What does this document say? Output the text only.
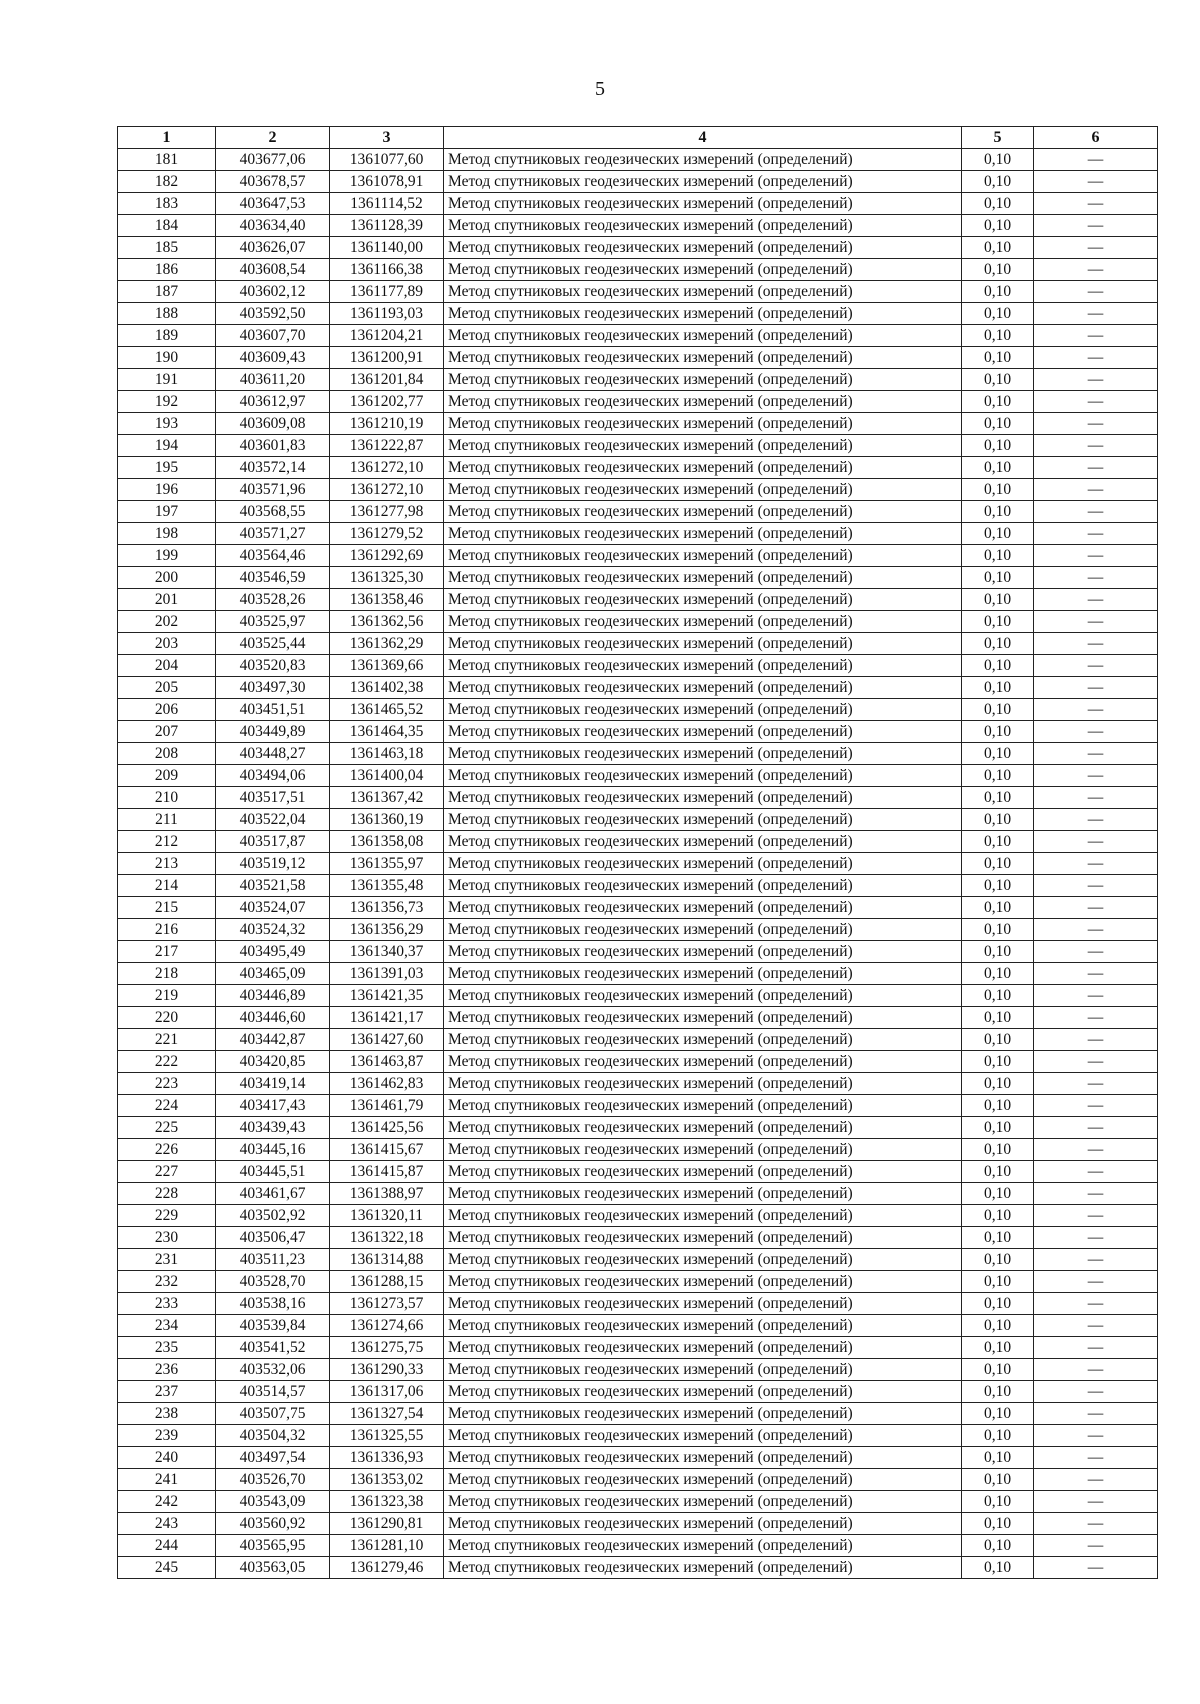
5
1	2	3	4	5	6
181	403677,06	1361077,60	Метод спутниковых геодезических измерений (определений)	0,10	—
182	403678,57	1361078,91	Метод спутниковых геодезических измерений (определений)	0,10	—
183	403647,53	1361114,52	Метод спутниковых геодезических измерений (определений)	0,10	—
184	403634,40	1361128,39	Метод спутниковых геодезических измерений (определений)	0,10	—
185	403626,07	1361140,00	Метод спутниковых геодезических измерений (определений)	0,10	—
186	403608,54	1361166,38	Метод спутниковых геодезических измерений (определений)	0,10	—
187	403602,12	1361177,89	Метод спутниковых геодезических измерений (определений)	0,10	—
188	403592,50	1361193,03	Метод спутниковых геодезических измерений (определений)	0,10	—
189	403607,70	1361204,21	Метод спутниковых геодезических измерений (определений)	0,10	—
190	403609,43	1361200,91	Метод спутниковых геодезических измерений (определений)	0,10	—
191	403611,20	1361201,84	Метод спутниковых геодезических измерений (определений)	0,10	—
192	403612,97	1361202,77	Метод спутниковых геодезических измерений (определений)	0,10	—
193	403609,08	1361210,19	Метод спутниковых геодезических измерений (определений)	0,10	—
194	403601,83	1361222,87	Метод спутниковых геодезических измерений (определений)	0,10	—
195	403572,14	1361272,10	Метод спутниковых геодезических измерений (определений)	0,10	—
196	403571,96	1361272,10	Метод спутниковых геодезических измерений (определений)	0,10	—
197	403568,55	1361277,98	Метод спутниковых геодезических измерений (определений)	0,10	—
198	403571,27	1361279,52	Метод спутниковых геодезических измерений (определений)	0,10	—
199	403564,46	1361292,69	Метод спутниковых геодезических измерений (определений)	0,10	—
200	403546,59	1361325,30	Метод спутниковых геодезических измерений (определений)	0,10	—
201	403528,26	1361358,46	Метод спутниковых геодезических измерений (определений)	0,10	—
202	403525,97	1361362,56	Метод спутниковых геодезических измерений (определений)	0,10	—
203	403525,44	1361362,29	Метод спутниковых геодезических измерений (определений)	0,10	—
204	403520,83	1361369,66	Метод спутниковых геодезических измерений (определений)	0,10	—
205	403497,30	1361402,38	Метод спутниковых геодезических измерений (определений)	0,10	—
206	403451,51	1361465,52	Метод спутниковых геодезических измерений (определений)	0,10	—
207	403449,89	1361464,35	Метод спутниковых геодезических измерений (определений)	0,10	—
208	403448,27	1361463,18	Метод спутниковых геодезических измерений (определений)	0,10	—
209	403494,06	1361400,04	Метод спутниковых геодезических измерений (определений)	0,10	—
210	403517,51	1361367,42	Метод спутниковых геодезических измерений (определений)	0,10	—
211	403522,04	1361360,19	Метод спутниковых геодезических измерений (определений)	0,10	—
212	403517,87	1361358,08	Метод спутниковых геодезических измерений (определений)	0,10	—
213	403519,12	1361355,97	Метод спутниковых геодезических измерений (определений)	0,10	—
214	403521,58	1361355,48	Метод спутниковых геодезических измерений (определений)	0,10	—
215	403524,07	1361356,73	Метод спутниковых геодезических измерений (определений)	0,10	—
216	403524,32	1361356,29	Метод спутниковых геодезических измерений (определений)	0,10	—
217	403495,49	1361340,37	Метод спутниковых геодезических измерений (определений)	0,10	—
218	403465,09	1361391,03	Метод спутниковых геодезических измерений (определений)	0,10	—
219	403446,89	1361421,35	Метод спутниковых геодезических измерений (определений)	0,10	—
220	403446,60	1361421,17	Метод спутниковых геодезических измерений (определений)	0,10	—
221	403442,87	1361427,60	Метод спутниковых геодезических измерений (определений)	0,10	—
222	403420,85	1361463,87	Метод спутниковых геодезических измерений (определений)	0,10	—
223	403419,14	1361462,83	Метод спутниковых геодезических измерений (определений)	0,10	—
224	403417,43	1361461,79	Метод спутниковых геодезических измерений (определений)	0,10	—
225	403439,43	1361425,56	Метод спутниковых геодезических измерений (определений)	0,10	—
226	403445,16	1361415,67	Метод спутниковых геодезических измерений (определений)	0,10	—
227	403445,51	1361415,87	Метод спутниковых геодезических измерений (определений)	0,10	—
228	403461,67	1361388,97	Метод спутниковых геодезических измерений (определений)	0,10	—
229	403502,92	1361320,11	Метод спутниковых геодезических измерений (определений)	0,10	—
230	403506,47	1361322,18	Метод спутниковых геодезических измерений (определений)	0,10	—
231	403511,23	1361314,88	Метод спутниковых геодезических измерений (определений)	0,10	—
232	403528,70	1361288,15	Метод спутниковых геодезических измерений (определений)	0,10	—
233	403538,16	1361273,57	Метод спутниковых геодезических измерений (определений)	0,10	—
234	403539,84	1361274,66	Метод спутниковых геодезических измерений (определений)	0,10	—
235	403541,52	1361275,75	Метод спутниковых геодезических измерений (определений)	0,10	—
236	403532,06	1361290,33	Метод спутниковых геодезических измерений (определений)	0,10	—
237	403514,57	1361317,06	Метод спутниковых геодезических измерений (определений)	0,10	—
238	403507,75	1361327,54	Метод спутниковых геодезических измерений (определений)	0,10	—
239	403504,32	1361325,55	Метод спутниковых геодезических измерений (определений)	0,10	—
240	403497,54	1361336,93	Метод спутниковых геодезических измерений (определений)	0,10	—
241	403526,70	1361353,02	Метод спутниковых геодезических измерений (определений)	0,10	—
242	403543,09	1361323,38	Метод спутниковых геодезических измерений (определений)	0,10	—
243	403560,92	1361290,81	Метод спутниковых геодезических измерений (определений)	0,10	—
244	403565,95	1361281,10	Метод спутниковых геодезических измерений (определений)	0,10	—
245	403563,05	1361279,46	Метод спутниковых геодезических измерений (определений)	0,10	—
